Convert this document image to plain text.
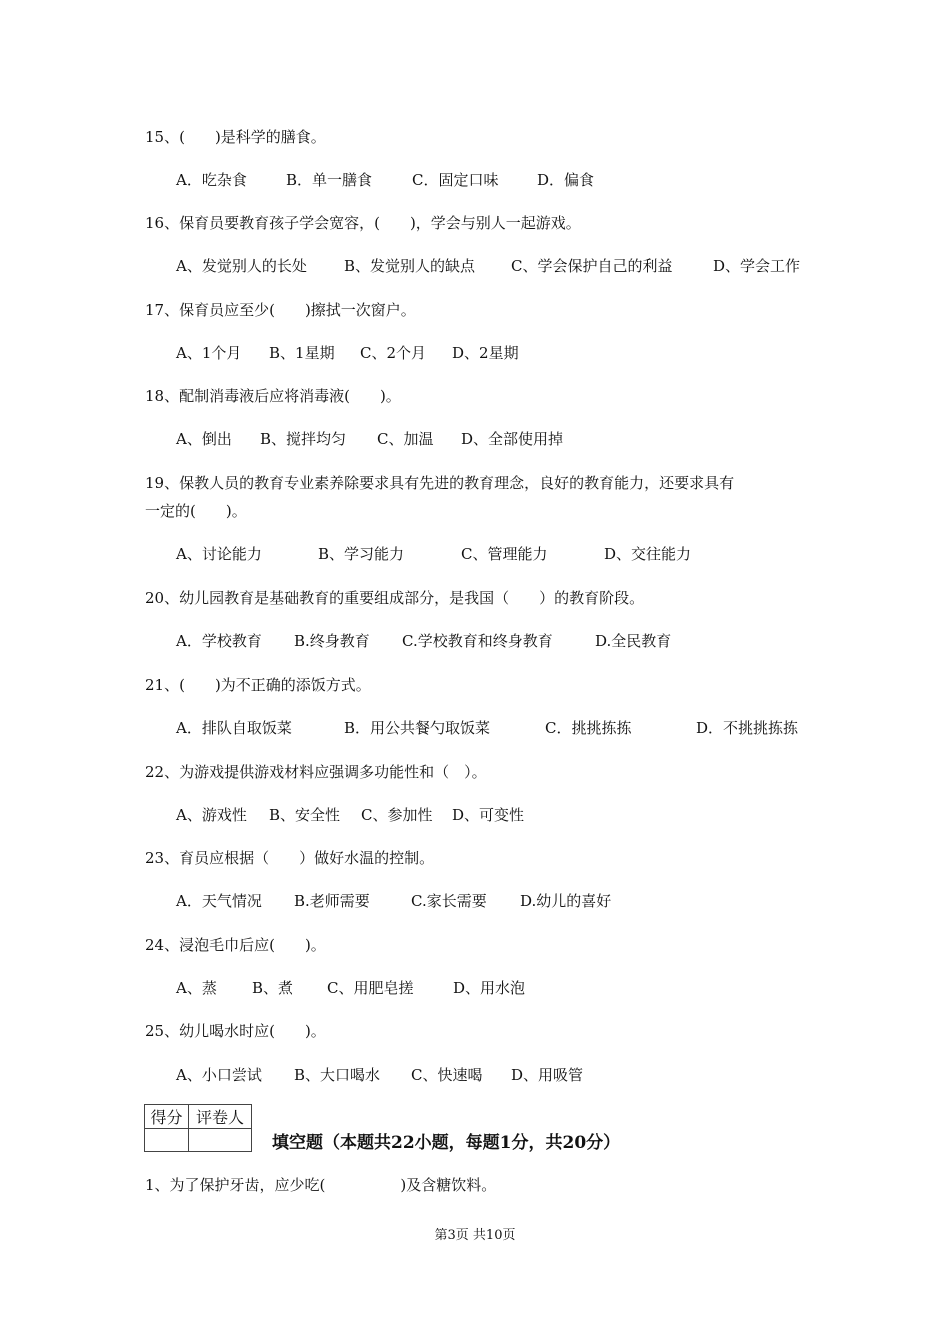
15、(　　)是科学的膳食。

A．吃杂食

	B．单一膳食

	C．固定口味

	D．偏食

16、保育员要教育孩子学会宽容，(　　)，学会与别人一起游戏。

A、发觉别人的长处

B、发觉别人的缺点

C、学会保护自己的利益

	D、学会工作

17、保育员应至少(　　)擦拭一次窗户。

A、1个月

B、1星期

C、2个月

D、2星期

18、配制消毒液后应将消毒液(　　)。

A、倒出

B、搅拌均匀

C、加温

D、全部使用掉

19、保教人员的教育专业素养除要求具有先进的教育理念，良好的教育能力，还要求具有
一定的(　　)。

A、讨论能力

	B、学习能力

	C、管理能力

	D、交往能力

20、幼儿园教育是基础教育的重要组成部分，是我国（　　）的教育阶段。

A．学校教育

B.终身教育

C.学校教育和终身教育

	D.全民教育

21、(　　)为不正确的添饭方式。

A．排队自取饭菜

	B．用公共餐勺取饭菜

	C．挑挑拣拣

	D．不挑挑拣拣

22、为游戏提供游戏材料应强调多功能性和（　）。

A、游戏性

B、安全性

C、参加性

D、可变性

23、育员应根据（　　）做好水温的控制。

A．天气情况

B.老师需要

	C.家长需要

D.幼儿的喜好

24、浸泡毛巾后应(　　)。

A、蒸

B、煮

C、用肥皂搓

	D、用水泡

25、幼儿喝水时应(　　)。

A、小口尝试

B、大口喝水

C、快速喝

D、用吸管

得分	评卷人

填空题（本题共22小题，每题1分，共20分）
1、为了保护牙齿，应少吃(　　　　　)及含糖饮料。
第3页 共10页
